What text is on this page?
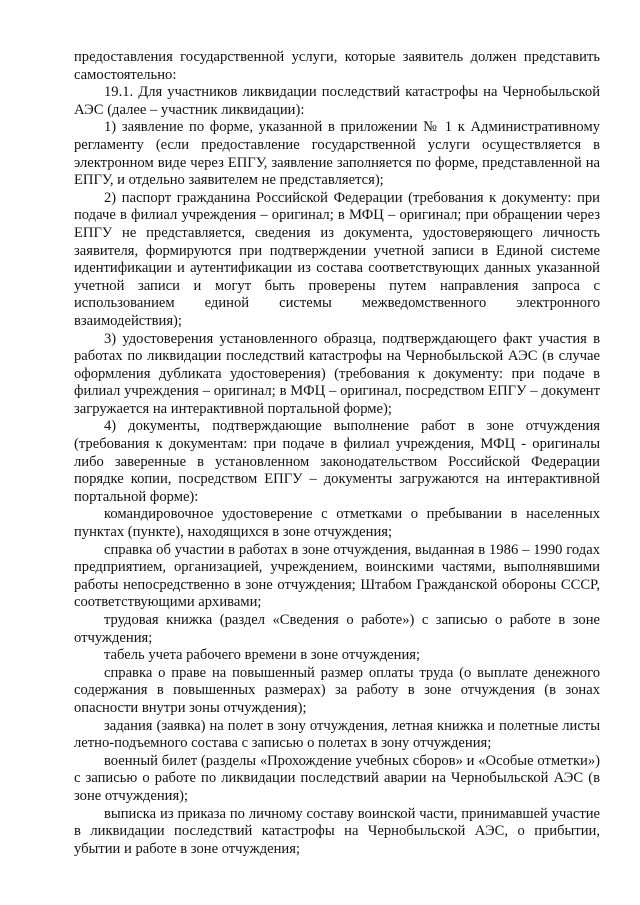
предоставления государственной услуги, которые заявитель должен представить самостоятельно:

19.1. Для участников ликвидации последствий катастрофы на Чернобыльской АЭС (далее – участник ликвидации):

1) заявление по форме, указанной в приложении № 1 к Административному регламенту (если предоставление государственной услуги осуществляется в электронном виде через ЕПГУ, заявление заполняется по форме, представленной на ЕПГУ, и отдельно заявителем не представляется);

2) паспорт гражданина Российской Федерации (требования к документу: при подаче в филиал учреждения – оригинал; в МФЦ – оригинал; при обращении через ЕПГУ не представляется, сведения из документа, удостоверяющего личность заявителя, формируются при подтверждении учетной записи в Единой системе идентификации и аутентификации из состава соответствующих данных указанной учетной записи и могут быть проверены путем направления запроса с использованием единой системы межведомственного электронного взаимодействия);

3) удостоверения установленного образца, подтверждающего факт участия в работах по ликвидации последствий катастрофы на Чернобыльской АЭС (в случае оформления дубликата удостоверения) (требования к документу: при подаче в филиал учреждения – оригинал; в МФЦ – оригинал, посредством ЕПГУ – документ загружается на интерактивной портальной форме);

4) документы, подтверждающие выполнение работ в зоне отчуждения (требования к документам: при подаче в филиал учреждения, МФЦ - оригиналы либо заверенные в установленном законодательством Российской Федерации порядке копии, посредством ЕПГУ – документы загружаются на интерактивной портальной форме):

командировочное удостоверение с отметками о пребывании в населенных пунктах (пункте), находящихся в зоне отчуждения;

справка об участии в работах в зоне отчуждения, выданная в 1986 – 1990 годах предприятием, организацией, учреждением, воинскими частями, выполнявшими работы непосредственно в зоне отчуждения; Штабом Гражданской обороны СССР, соответствующими архивами;

трудовая книжка (раздел «Сведения о работе») с записью о работе в зоне отчуждения;

табель учета рабочего времени в зоне отчуждения;

справка о праве на повышенный размер оплаты труда (о выплате денежного содержания в повышенных размерах) за работу в зоне отчуждения (в зонах опасности внутри зоны отчуждения);

задания (заявка) на полет в зону отчуждения, летная книжка и полетные листы летно-подъемного состава с записью о полетах в зону отчуждения;

военный билет (разделы «Прохождение учебных сборов» и «Особые отметки») с записью о работе по ликвидации последствий аварии на Чернобыльской АЭС (в зоне отчуждения);

выписка из приказа по личному составу воинской части, принимавшей участие в ликвидации последствий катастрофы на Чернобыльской АЭС, о прибытии, убытии и работе в зоне отчуждения;
